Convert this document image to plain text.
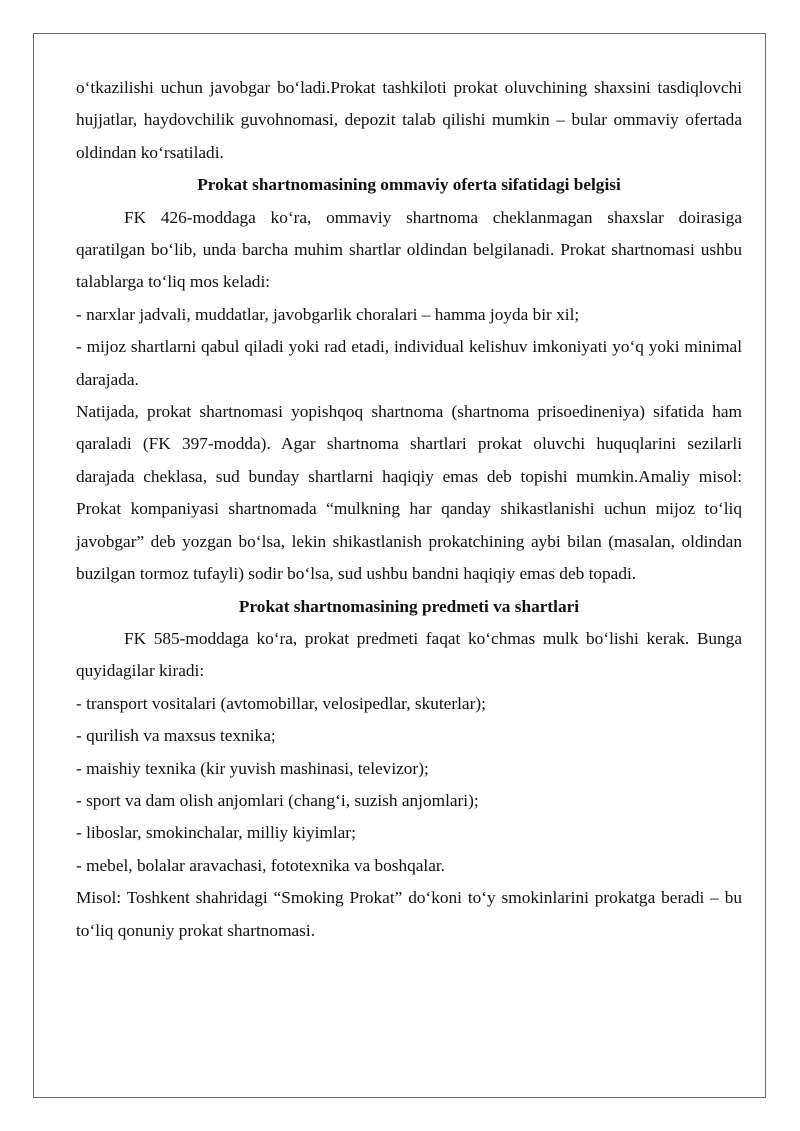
o‘tkazilishi uchun javobgar bo‘ladi.Prokat tashkiloti prokat oluvchining shaxsini tasdiqlovchi hujjatlar, haydovchilik guvohnomasi, depozit talab qilishi mumkin – bular ommaviy ofertada oldindan ko‘rsatiladi.

Prokat shartnomasining ommaviy oferta sifatidagi belgisi

FK 426-moddaga ko‘ra, ommaviy shartnoma cheklanmagan shaxslar doirasiga qaratilgan bo‘lib, unda barcha muhim shartlar oldindan belgilanadi. Prokat shartnomasi ushbu talablarga to‘liq mos keladi:

- narxlar jadvali, muddatlar, javobgarlik choralari – hamma joyda bir xil;

- mijoz shartlarni qabul qiladi yoki rad etadi, individual kelishuv imkoniyati yo‘q yoki minimal darajada.

Natijada, prokat shartnomasi yopishqoq shartnoma (shartnoma prisoedineniya) sifatida ham qaraladi (FK 397-modda). Agar shartnoma shartlari prokat oluvchi huquqlarini sezilarli darajada cheklasa, sud bunday shartlarni haqiqiy emas deb topishi mumkin.Amaliy misol: Prokat kompaniyasi shartnomada “mulkning har qanday shikastlanishi uchun mijoz to‘liq javobgar” deb yozgan bo‘lsa, lekin shikastlanish prokatchining aybi bilan (masalan, oldindan buzilgan tormoz tufayli) sodir bo‘lsa, sud ushbu bandni haqiqiy emas deb topadi.

Prokat shartnomasining predmeti va shartlari

FK 585-moddaga ko‘ra, prokat predmeti faqat ko‘chmas mulk bo‘lishi kerak. Bunga quyidagilar kiradi:

- transport vositalari (avtomobillar, velosipedlar, skuterlar);

- qurilish va maxsus texnika;

- maishiy texnika (kir yuvish mashinasi, televizor);

- sport va dam olish anjomlari (chang‘i, suzish anjomlari);

- liboslar, smokinchalar, milliy kiyimlar;

- mebel, bolalar aravachasi, fototexnika va boshqalar.

Misol: Toshkent shahridagi “Smoking Prokat” do‘koni to‘y smokinlarini prokatga beradi – bu to‘liq qonuniy prokat shartnomasi.
